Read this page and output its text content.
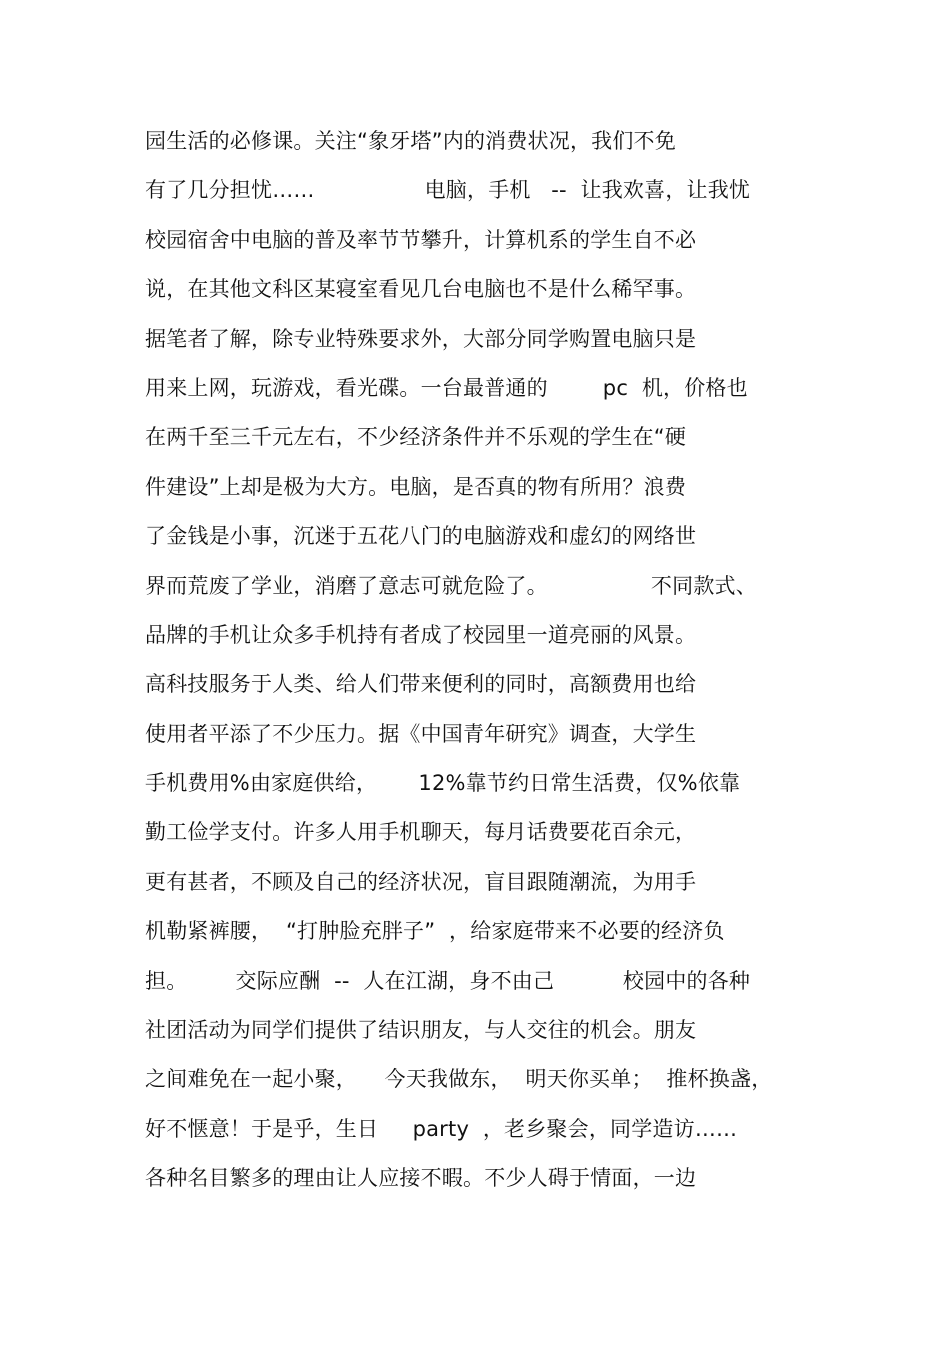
园生活的必修课。关注“象牙塔”内的消费状况，我们不免
有了几分担忧……                电脑，手机   --  让我欢喜，让我忧
校园宿舍中电脑的普及率节节攀升，计算机系的学生自不必
说，在其他文科区某寝室看见几台电脑也不是什么稀罕事。
据笔者了解，除专业特殊要求外，大部分同学购置电脑只是
用来上网，玩游戏，看光碟。一台最普通的        pc  机，价格也
在两千至三千元左右，不少经济条件并不乐观的学生在“硬
件建设”上却是极为大方。电脑，是否真的物有所用？浪费
了金钱是小事，沉迷于五花八门的电脑游戏和虚幻的网络世
界而荒废了学业，消磨了意志可就危险了。               不同款式、
品牌的手机让众多手机持有者成了校园里一道亮丽的风景。
高科技服务于人类、给人们带来便利的同时，高额费用也给
使用者平添了不少压力。据《中国青年研究》调查，大学生
手机费用%由家庭供给，      12%靠节约日常生活费，仅%依靠
勤工俭学支付。许多人用手机聊天，每月话费要花百余元，
更有甚者，不顾及自己的经济状况，盲目跟随潮流，为用手
机勒紧裤腰，  “打肿脸充胖子”  ，给家庭带来不必要的经济负
担。       交际应酬  --  人在江湖，身不由己          校园中的各种
社团活动为同学们提供了结识朋友，与人交往的机会。朋友
之间难免在一起小聚，    今天我做东，  明天你买单；  推杯换盏，
好不惬意！于是乎，生日     party  ，老乡聚会，同学造访……
各种名目繁多的理由让人应接不暇。不少人碍于情面，一边
